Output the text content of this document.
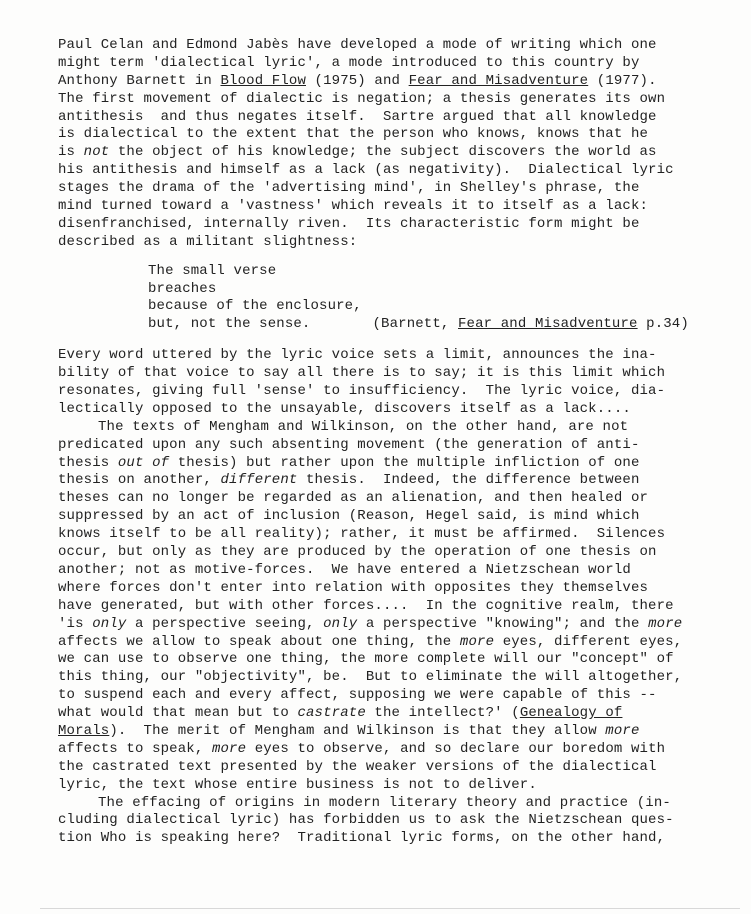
Paul Celan and Edmond Jabès have developed a mode of writing which one
might term 'dialectical lyric', a mode introduced to this country by
Anthony Barnett in Blood Flow (1975) and Fear and Misadventure (1977).
The first movement of dialectic is negation; a thesis generates its own
antithesis  and thus negates itself.  Sartre argued that all knowledge
is dialectical to the extent that the person who knows, knows that he
is not the object of his knowledge; the subject discovers the world as
his antithesis and himself as a lack (as negativity).  Dialectical lyric
stages the drama of the 'advertising mind', in Shelley's phrase, the
mind turned toward a 'vastness' which reveals it to itself as a lack:
disenfranchised, internally riven.  Its characteristic form might be
described as a militant slightness:
The small verse
breaches
because of the enclosure,
but, not the sense.	(Barnett, Fear and Misadventure p.34)
Every word uttered by the lyric voice sets a limit, announces the ina-
bility of that voice to say all there is to say; it is this limit which
resonates, giving full 'sense' to insufficiency.  The lyric voice, dia-
lectically opposed to the unsayable, discovers itself as a lack....
The texts of Mengham and Wilkinson, on the other hand, are not
predicated upon any such absenting movement (the generation of anti-
thesis out of thesis) but rather upon the multiple infliction of one
thesis on another, different thesis.  Indeed, the difference between
theses can no longer be regarded as an alienation, and then healed or
suppressed by an act of inclusion (Reason, Hegel said, is mind which
knows itself to be all reality); rather, it must be affirmed.  Silences
occur, but only as they are produced by the operation of one thesis on
another; not as motive-forces.  We have entered a Nietzschean world
where forces don't enter into relation with opposites they themselves
have generated, but with other forces....  In the cognitive realm, there
'is only a perspective seeing, only a perspective "knowing"; and the more
affects we allow to speak about one thing, the more eyes, different eyes,
we can use to observe one thing, the more complete will our "concept" of
this thing, our "objectivity", be.  But to eliminate the will altogether,
to suspend each and every affect, supposing we were capable of this --
what would that mean but to castrate the intellect?' (Genealogy of
Morals).  The merit of Mengham and Wilkinson is that they allow more
affects to speak, more eyes to observe, and so declare our boredom with
the castrated text presented by the weaker versions of the dialectical
lyric, the text whose entire business is not to deliver.
The effacing of origins in modern literary theory and practice (in-
cluding dialectical lyric) has forbidden us to ask the Nietzschean ques-
tion Who is speaking here?  Traditional lyric forms, on the other hand,
